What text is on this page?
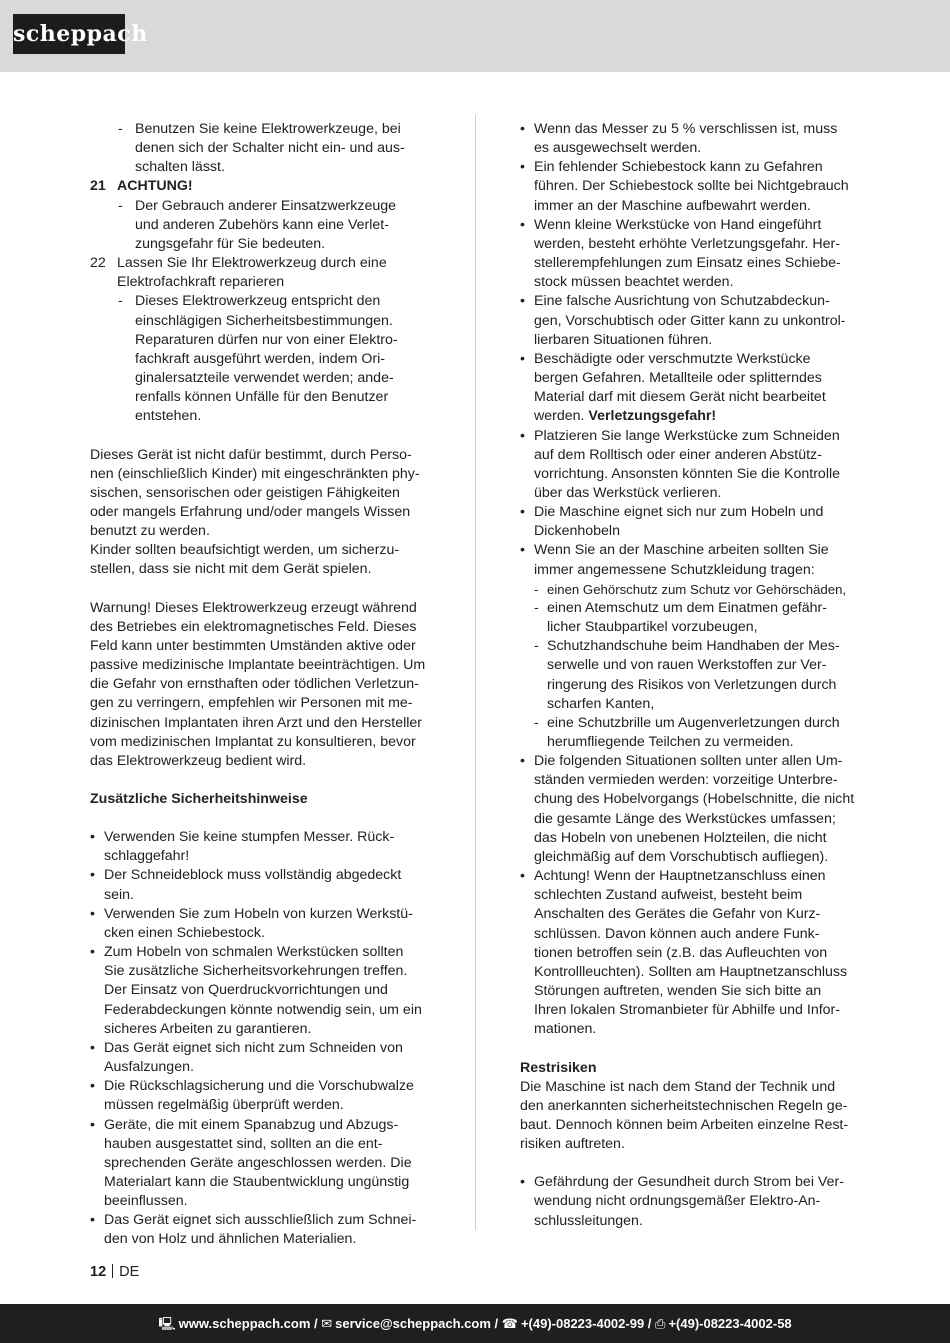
scheppach
- Benutzen Sie keine Elektrowerkzeuge, bei
denen sich der Schalter nicht ein- und aus-
schalten lässt.
21 ACHTUNG!
- Der Gebrauch anderer Einsatzwerkzeuge
und anderen Zubehörs kann eine Verlet-
zungsgefahr für Sie bedeuten.
22 Lassen Sie Ihr Elektrowerkzeug durch eine
Elektrofachkraft reparieren
- Dieses Elektrowerkzeug entspricht den
einschlägigen Sicherheitsbestimmungen.
Reparaturen dürfen nur von einer Elektro-
fachkraft ausgeführt werden, indem Ori-
ginalersatzteile verwendet werden; ande-
renfalls können Unfälle für den Benutzer
entstehen.
Dieses Gerät ist nicht dafür bestimmt, durch Perso-
nen (einschließlich Kinder) mit eingeschränkten phy-
sischen, sensorischen oder geistigen Fähigkeiten
oder mangels Erfahrung und/oder mangels Wissen
benutzt zu werden.
Kinder sollten beaufsichtigt werden, um sicherzu-
stellen, dass sie nicht mit dem Gerät spielen.
Warnung! Dieses Elektrowerkzeug erzeugt während
des Betriebes ein elektromagnetisches Feld. Dieses
Feld kann unter bestimmten Umständen aktive oder
passive medizinische Implantate beeinträchtigen. Um
die Gefahr von ernsthaften oder tödlichen Verletzun-
gen zu verringern, empfehlen wir Personen mit me-
dizinischen Implantaten ihren Arzt und den Hersteller
vom medizinischen Implantat zu konsultieren, bevor
das Elektrowerkzeug bedient wird.
Zusätzliche Sicherheitshinweise
• Verwenden Sie keine stumpfen Messer. Rück-
schlaggefahr!
• Der Schneideblock muss vollständig abgedeckt sein.
• Verwenden Sie zum Hobeln von kurzen Werkstü-
cken einen Schiebestock.
• Zum Hobeln von schmalen Werkstücken sollten
Sie zusätzliche Sicherheitsvorkehrungen treffen.
Der Einsatz von Querdruckvorrichtungen und
Federabdeckungen könnte notwendig sein, um ein
sicheres Arbeiten zu garantieren.
• Das Gerät eignet sich nicht zum Schneiden von
Ausfalzungen.
• Die Rückschlagsicherung und die Vorschubwalze
müssen regelmäßig überprüft werden.
• Geräte, die mit einem Spanabzug und Abzugs-
hauben ausgestattet sind, sollten an die ent-
sprechenden Geräte angeschlossen werden. Die
Materialart kann die Staubentwicklung ungünstig
beeinflussen.
• Das Gerät eignet sich ausschließlich zum Schnei-
den von Holz und ähnlichen Materialien.
• Wenn das Messer zu 5 % verschlissen ist, muss
es ausgewechselt werden.
• Ein fehlender Schiebestock kann zu Gefahren
führen. Der Schiebestock sollte bei Nichtgebrauch
immer an der Maschine aufbewahrt werden.
• Wenn kleine Werkstücke von Hand eingeführt
werden, besteht erhöhte Verletzungsgefahr. Her-
stellerempfehlungen zum Einsatz eines Schiebe-
stock müssen beachtet werden.
• Eine falsche Ausrichtung von Schutzabdeckun-
gen, Vorschubtisch oder Gitter kann zu unkontrol-
lierbaren Situationen führen.
• Beschädigte oder verschmutzte Werkstücke
bergen Gefahren. Metallteile oder splitterndes
Material darf mit diesem Gerät nicht bearbeitet
werden. Verletzungsgefahr!
• Platzieren Sie lange Werkstücke zum Schneiden
auf dem Rolltisch oder einer anderen Abstütz-
vorrichtung. Ansonsten könnten Sie die Kontrolle
über das Werkstück verlieren.
• Die Maschine eignet sich nur zum Hobeln und
Dickenhobeln
• Wenn Sie an der Maschine arbeiten sollten Sie
immer angemessene Schutzkleidung tragen:
- einen Gehörschutz zum Schutz vor Gehörschäden,
- einen Atemschutz um dem Einatmen gefähr-
licher Staubpartikel vorzubeugen,
- Schutzhandschuhe beim Handhaben der Mes-
serwelle und von rauen Werkstoffen zur Ver-
ringerung des Risikos von Verletzungen durch
scharfen Kanten,
- eine Schutzbrille um Augenverletzungen durch
herumfliegende Teilchen zu vermeiden.
• Die folgenden Situationen sollten unter allen Um-
ständen vermieden werden: vorzeitige Unterbre-
chung des Hobelvorgangs (Hobelschnitte, die nicht
die gesamte Länge des Werkstückes umfassen;
das Hobeln von unebenen Holzteilen, die nicht
gleichmäßig auf dem Vorschubtisch aufliegen).
• Achtung! Wenn der Hauptnetzanschluss einen
schlechten Zustand aufweist, besteht beim
Anschalten des Gerätes die Gefahr von Kurz-
schlüssen. Davon können auch andere Funk-
tionen betroffen sein (z.B. das Aufleuchten von
Kontrollleuchten). Sollten am Hauptnetzanschluss
Störungen auftreten, wenden Sie sich bitte an
Ihren lokalen Stromanbieter für Abhilfe und Infor-
mationen.
Restrisiken
Die Maschine ist nach dem Stand der Technik und
den anerkannten sicherheitstechnischen Regeln ge-
baut. Dennoch können beim Arbeiten einzelne Rest-
risiken auftreten.
• Gefährdung der Gesundheit durch Strom bei Ver-
wendung nicht ordnungsgemäßer Elektro-An-
schlussleitungen.
12 DE
🖳 www.scheppach.com / ✉ service@scheppach.com / ☎ +(49)-08223-4002-99 / ⎙ +(49)-08223-4002-58
